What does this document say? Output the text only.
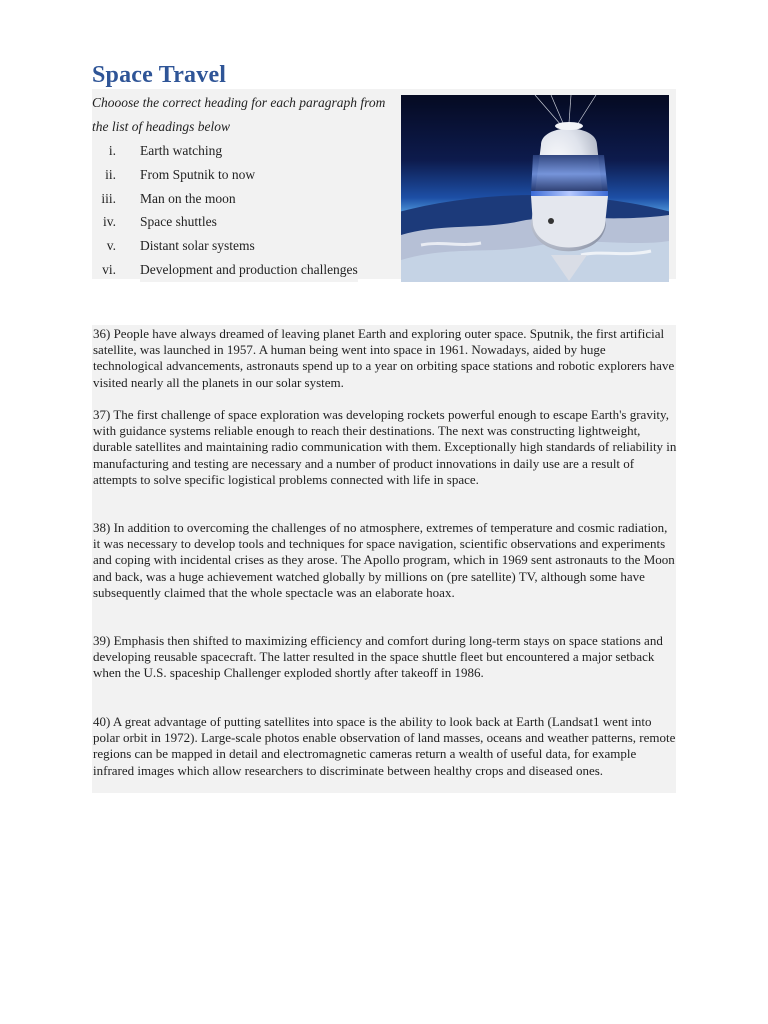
Space Travel
Chooose the correct heading for each paragraph from the list of headings below
i.	Earth watching
ii.	From Sputnik to now
iii.	Man on the moon
iv.	Space shuttles
v.	Distant solar systems
vi.	Development and production challenges

36) People have always dreamed of leaving planet Earth and exploring outer space. Sputnik, the first artificial satellite, was launched in 1957. A human being went into space in 1961. Nowadays, aided by huge technological advancements, astronauts spend up to a year on orbiting space stations and robotic explorers have visited nearly all the planets in our solar system.

37) The first challenge of space exploration was developing rockets powerful enough to escape Earth's gravity, with guidance systems reliable enough to reach their destinations. The next was constructing lightweight, durable satellites and maintaining radio communication with them. Exceptionally high standards of reliability in manufacturing and testing are necessary and a number of product innovations in daily use are a result of attempts to solve specific logistical problems connected with life in space.

38) In addition to overcoming the challenges of no atmosphere, extremes of temperature and cosmic radiation, it was necessary to develop tools and techniques for space navigation, scientific observations and experiments and coping with incidental crises as they arose. The Apollo program, which in 1969 sent astronauts to the Moon and back, was a huge achievement watched globally by millions on (pre satellite) TV, although some have subsequently claimed that the whole spectacle was an elaborate hoax.

39) Emphasis then shifted to maximizing efficiency and comfort during long-term stays on space stations and developing reusable spacecraft. The latter resulted in the space shuttle fleet but encountered a major setback when the U.S. spaceship Challenger exploded shortly after takeoff in 1986.

40) A great advantage of putting satellites into space is the ability to look back at Earth (Landsat1 went into polar orbit in 1972). Large-scale photos enable observation of land masses, oceans and weather patterns, remote regions can be mapped in detail and electromagnetic cameras return a wealth of useful data, for example infrared images which allow researchers to discriminate between healthy crops and diseased ones.
